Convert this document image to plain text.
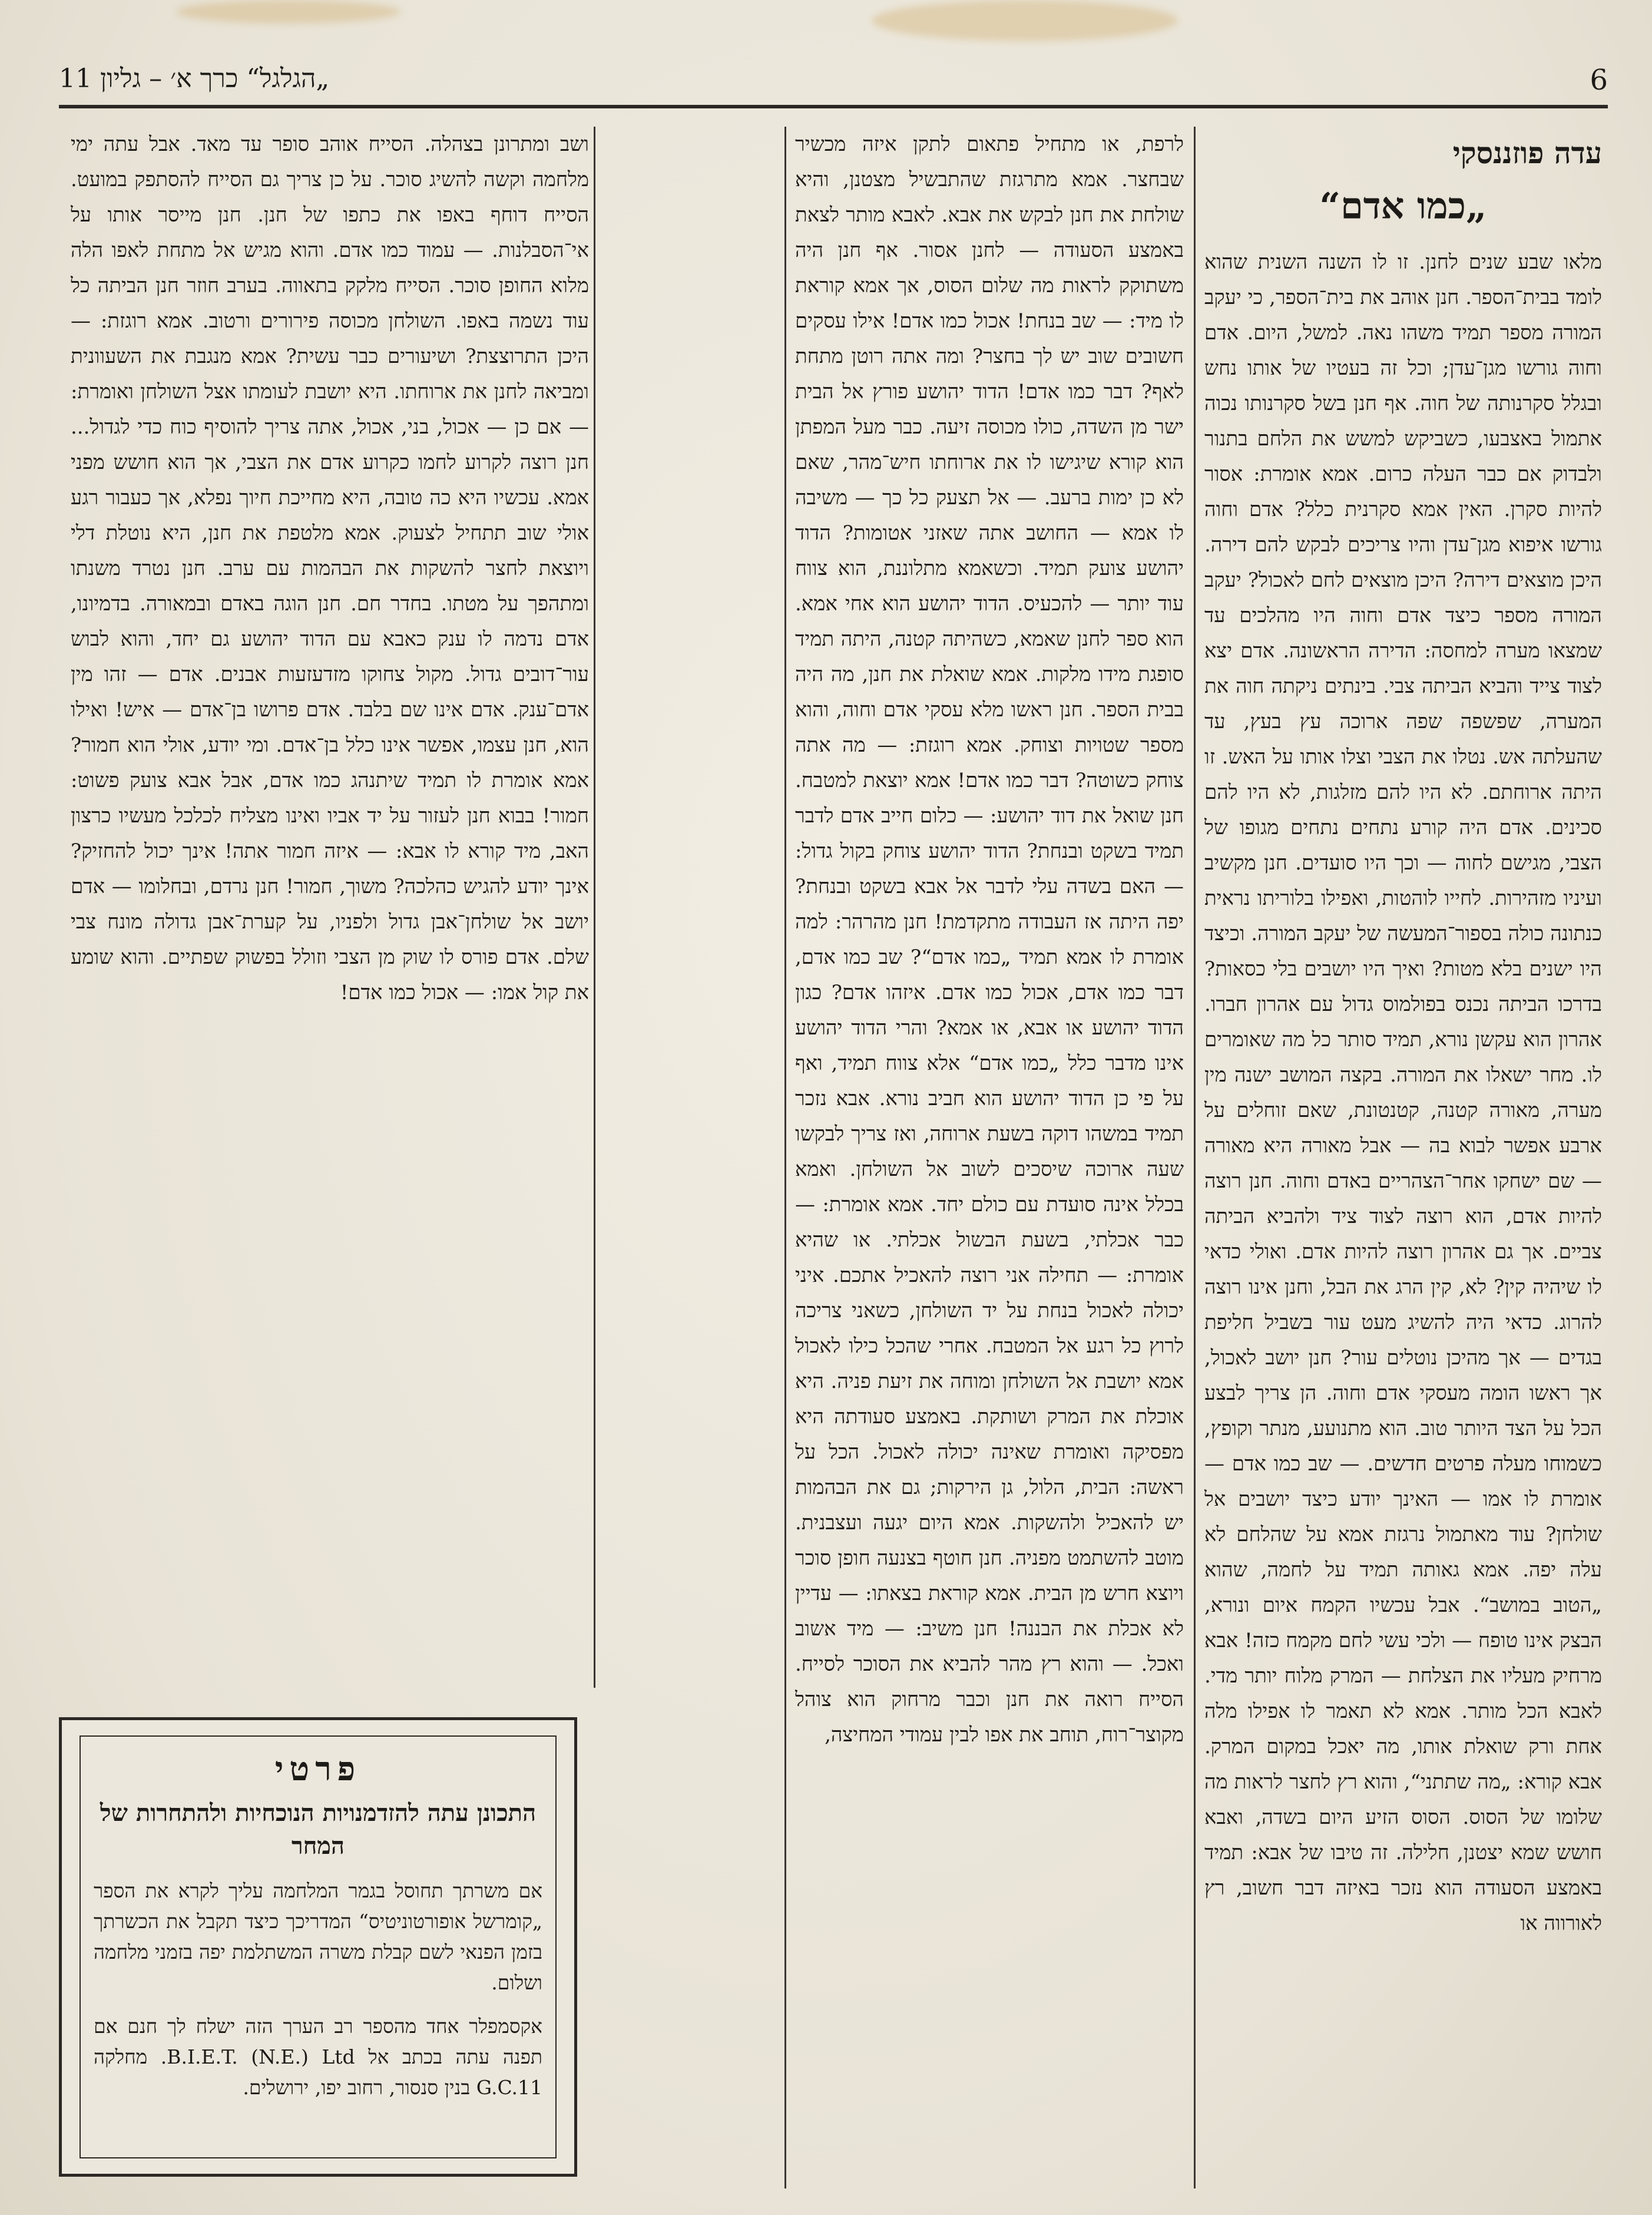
6
„הגלגל“ כרך א׳ – גליון 11
עדה פוזננסקי
„כמו אדם“

מלאו שבע שנים לחנן. זו לו השנה השנית שהוא לומד בבית־הספר. חנן אוהב את בית־הספר, כי יעקב המורה מספר תמיד משהו נאה. למשל, היום. אדם וחוה גורשו מגן־עדן; וכל זה בעטיו של אותו נחש ובגלל סקרנותה של חוה. אף חנן בשל סקרנותו נכוה אתמול באצבעו, כשביקש למשש את הלחם בתנור ולבדוק אם כבר העלה כרום. אמא אומרת: אסור להיות סקרן. האין אמא סקרנית כלל? אדם וחוה גורשו איפוא מגן־עדן והיו צריכים לבקש להם דירה. היכן מוצאים דירה? היכן מוצאים לחם לאכול? יעקב המורה מספר כיצד אדם וחוה היו מהלכים עד שמצאו מערה למחסה: הדירה הראשונה. אדם יצא לצוד צייד והביא הביתה צבי. בינתים ניקתה חוה את המערה, שפשפה שפה ארוכה עץ בעץ, עד שהעלתה אש. נטלו את הצבי וצלו אותו על האש. זו היתה ארוחתם. לא היו להם מזלגות, לא היו להם סכינים. אדם היה קורע נתחים נתחים מגופו של הצבי, מגישם לחוה — וכך היו סועדים. חנן מקשיב ועיניו מזהירות. לחייו לוהטות, ואפילו בלוריתו נראית כנתונה כולה בספור־המעשה של יעקב המורה. וכיצד היו ישנים בלא מטות? ואיך היו יושבים בלי כסאות? בדרכו הביתה נכנס בפולמוס גדול עם אהרון חברו. אהרון הוא עקשן נורא, תמיד סותר כל מה שאומרים לו. מחר ישאלו את המורה. בקצה המושב ישנה מין מערה, מאורה קטנה, קטנטונת, שאם זוחלים על ארבע אפשר לבוא בה — אבל מאורה היא מאורה — שם ישחקו אחר־הצהריים באדם וחוה. חנן רוצה להיות אדם, הוא רוצה לצוד ציד ולהביא הביתה צביים. אך גם אהרון רוצה להיות אדם. ואולי כדאי לו שיהיה קין? לא, קין הרג את הבל, וחנן אינו רוצה להרוג. כדאי היה להשיג מעט עור בשביל חליפת בגדים — אך מהיכן נוטלים עור? חנן יושב לאכול, אך ראשו הומה מעסקי אדם וחוה. הן צריך לבצע הכל על הצד היותר טוב. הוא מתנועע, מנתר וקופץ, כשמוחו מעלה פרטים חדשים. — שב כמו אדם — אומרת לו אמו — האינך יודע כיצד יושבים אל שולחן? עוד מאתמול נרגזת אמא על שהלחם לא עלה יפה. אמא גאותה תמיד על לחמה, שהוא „הטוב במושב“. אבל עכשיו הקמח איום ונורא, הבצק אינו טופח — ולכי עשי לחם מקמח כזה! אבא מרחיק מעליו את הצלחת — המרק מלוח יותר מדי. לאבא הכל מותר. אמא לא תאמר לו אפילו מלה אחת ורק שואלת אותו, מה יאכל במקום המרק. אבא קורא: „מה שתתני“, והוא רץ לחצר לראות מה שלומו של הסוס. הסוס הזיע היום בשדה, ואבא חושש שמא יצטנן, חלילה. זה טיבו של אבא: תמיד באמצע הסעודה הוא נזכר באיזה דבר חשוב, רץ לאורווה או

לרפת, או מתחיל פתאום לתקן איזה מכשיר שבחצר. אמא מתרגזת שהתבשיל מצטנן, והיא שולחת את חנן לבקש את אבא. לאבא מותר לצאת באמצע הסעודה — לחנן אסור. אף חנן היה משתוקק לראות מה שלום הסוס, אך אמא קוראת לו מיד: — שב בנחת! אכול כמו אדם! אילו עסקים חשובים שוב יש לך בחצר? ומה אתה רוטן מתחת לאף? דבר כמו אדם! הדוד יהושע פורץ אל הבית ישר מן השדה, כולו מכוסה זיעה. כבר מעל המפתן הוא קורא שיגישו לו את ארוחתו חיש־מהר, שאם לא כן ימות ברעב. — אל תצעק כל כך — משיבה לו אמא — החושב אתה שאזני אטומות? הדוד יהושע צועק תמיד. וכשאמא מתלוננת, הוא צווח עוד יותר — להכעיס. הדוד יהושע הוא אחי אמא. הוא ספר לחנן שאמא, כשהיתה קטנה, היתה תמיד סופגת מידו מלקות. אמא שואלת את חנן, מה היה בבית הספר. חנן ראשו מלא עסקי אדם וחוה, והוא מספר שטויות וצוחק. אמא רוגזת: — מה אתה צוחק כשוטה? דבר כמו אדם! אמא יוצאת למטבח. חנן שואל את דוד יהושע: — כלום חייב אדם לדבר תמיד בשקט ובנחת? הדוד יהושע צוחק בקול גדול: — האם בשדה עלי לדבר אל אבא בשקט ובנחת? יפה היתה אז העבודה מתקדמת! חנן מהרהר: למה אומרת לו אמא תמיד „כמו אדם“? שב כמו אדם, דבר כמו אדם, אכול כמו אדם. איזהו אדם? כגון הדוד יהושע או אבא, או אמא? והרי הדוד יהושע אינו מדבר כלל „כמו אדם“ אלא צווח תמיד, ואף על פי כן הדוד יהושע הוא חביב נורא. אבא נזכר תמיד במשהו דוקה בשעת ארוחה, ואז צריך לבקשו שעה ארוכה שיסכים לשוב אל השולחן. ואמא בכלל אינה סועדת עם כולם יחד. אמא אומרת: — כבר אכלתי, בשעת הבשול אכלתי. או שהיא אומרת: — תחילה אני רוצה להאכיל אתכם. איני יכולה לאכול בנחת על יד השולחן, כשאני צריכה לרוץ כל רגע אל המטבח. אחרי שהכל כילו לאכול אמא יושבת אל השולחן ומוחה את זיעת פניה. היא אוכלת את המרק ושותקת. באמצע סעודתה היא מפסיקה ואומרת שאינה יכולה לאכול. הכל על ראשה: הבית, הלול, גן הירקות; גם את הבהמות יש להאכיל ולהשקות. אמא היום יגעה ועצבנית. מוטב להשתמט מפניה. חנן חוטף בצנעה חופן סוכר ויוצא חרש מן הבית. אמא קוראת בצאתו: — עדיין לא אכלת את הבננה! חנן משיב: — מיד אשוב ואכל. — והוא רץ מהר להביא את הסוכר לסייח. הסייח רואה את חנן וכבר מרחוק הוא צוהל מקוצר־רוח, תוחב את אפו לבין עמודי המחיצה,

ושב ומתרונן בצהלה. הסייח אוהב סופר עד מאד. אבל עתה ימי מלחמה וקשה להשיג סוכר. על כן צריך גם הסייח להסתפק במועט. הסייח דוחף באפו את כתפו של חנן. חנן מייסר אותו על אי־הסבלנות. — עמוד כמו אדם. והוא מגיש אל מתחת לאפו הלה מלוא החופן סוכר. הסייח מלקק בתאווה. בערב חוזר חנן הביתה כל עוד נשמה באפו. השולחן מכוסה פירורים ורטוב. אמא רוגזת: — היכן התרוצצת? ושיעורים כבר עשית? אמא מנגבת את השעוונית ומביאה לחנן את ארוחתו. היא יושבת לעומתו אצל השולחן ואומרת: — אם כן — אכול, בני, אכול, אתה צריך להוסיף כוח כדי לגדול... חנן רוצה לקרוע לחמו כקרוע אדם את הצבי, אך הוא חושש מפני אמא. עכשיו היא כה טובה, היא מחייכת חיוך נפלא, אך כעבור רגע אולי שוב תתחיל לצעוק. אמא מלטפת את חנן, היא נוטלת דלי ויוצאת לחצר להשקות את הבהמות עם ערב. חנן נטרד משנתו ומתהפך על מטתו. בחדר חם. חנן הוגה באדם ובמאורה. בדמיונו, אדם נדמה לו ענק כאבא עם הדוד יהושע גם יחד, והוא לבוש עור־דובים גדול. מקול צחוקו מזדעזעות אבנים. אדם — זהו מין אדם־ענק. אדם אינו שם בלבד. אדם פרושו בן־אדם — איש! ואילו הוא, חנן עצמו, אפשר אינו כלל בן־אדם. ומי יודע, אולי הוא חמור? אמא אומרת לו תמיד שיתנהג כמו אדם, אבל אבא צועק פשוט: חמור! בבוא חנן לעזור על יד אביו ואינו מצליח לכלכל מעשיו כרצון האב, מיד קורא לו אבא: — איזה חמור אתה! אינך יכול להחזיק? אינך יודע להגיש כהלכה? משוך, חמור! חנן נרדם, ובחלומו — אדם יושב אל שולחן־אבן גדול ולפניו, על קערת־אבן גדולה מונח צבי שלם. אדם פורס לו שוק מן הצבי וזולל בפשוק שפתיים. והוא שומע את קול אמו: — אכול כמו אדם!

פרטי
התכונן עתה להזדמנויות הנוכחיות ולהתחרות של המחר
אם משרתך תחוסל בגמר המלחמה עליך לקרא את הספר „קומרשל אופורטוניטיס“ המדריכך כיצד תקבל את הכשרתך בזמן הפנאי לשם קבלת משרה המשתלמת יפה בזמני מלחמה ושלום.
אקסמפלר אחד מהספר רב הערך הזה ישלח לך חנם אם תפנה עתה בכתב אל B.I.E.T. (N.E.) Ltd. מחלקה G.C.11 בנין סנסור, רחוב יפו, ירושלים.
